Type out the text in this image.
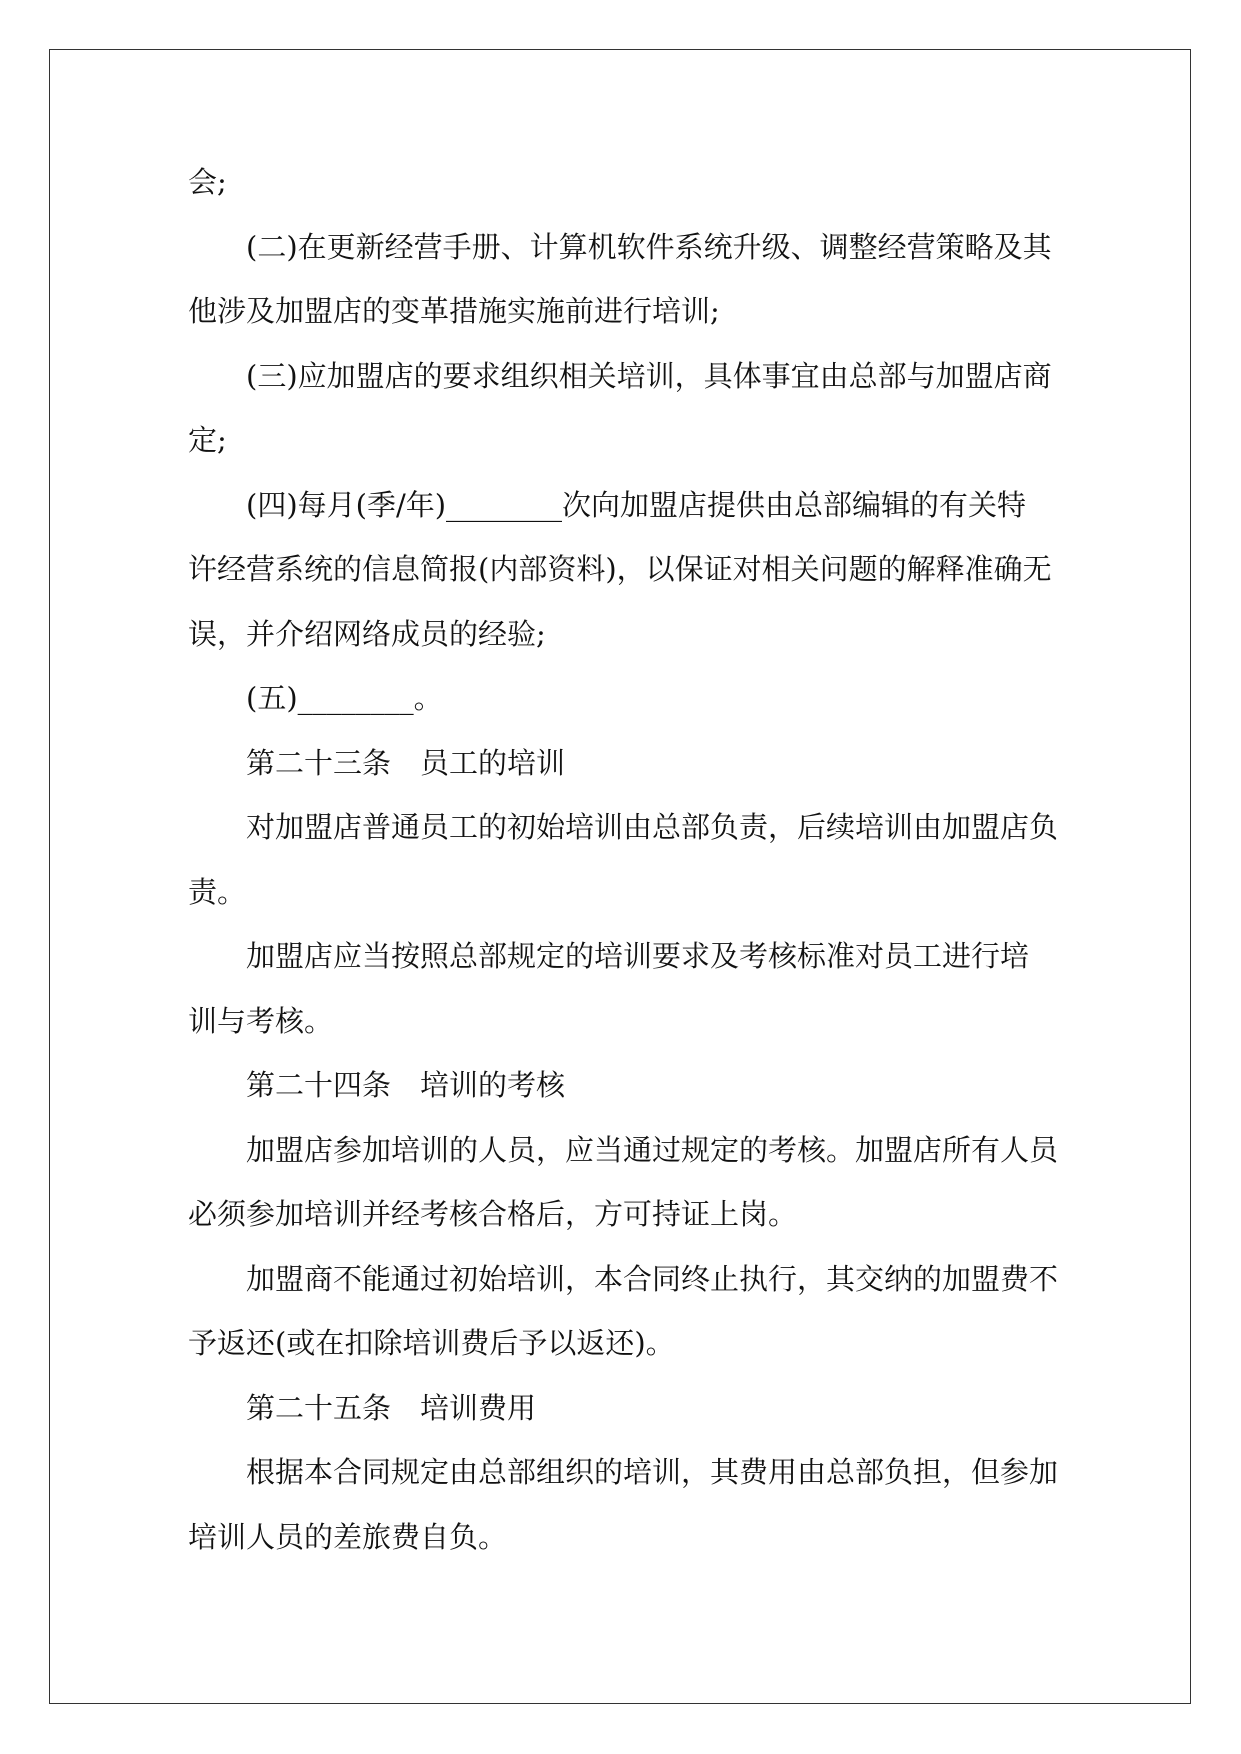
会;
(二)在更新经营手册、计算机软件系统升级、调整经营策略及其
他涉及加盟店的变革措施实施前进行培训;
(三)应加盟店的要求组织相关培训，具体事宜由总部与加盟店商
定;
(四)每月(季/年)________次向加盟店提供由总部编辑的有关特
许经营系统的信息简报(内部资料)，以保证对相关问题的解释准确无
误，并介绍网络成员的经验;
(五)________。
第二十三条　员工的培训
对加盟店普通员工的初始培训由总部负责，后续培训由加盟店负
责。
加盟店应当按照总部规定的培训要求及考核标准对员工进行培
训与考核。
第二十四条　培训的考核
加盟店参加培训的人员，应当通过规定的考核。加盟店所有人员
必须参加培训并经考核合格后，方可持证上岗。
加盟商不能通过初始培训，本合同终止执行，其交纳的加盟费不
予返还(或在扣除培训费后予以返还)。
第二十五条　培训费用
根据本合同规定由总部组织的培训，其费用由总部负担，但参加
培训人员的差旅费自负。
